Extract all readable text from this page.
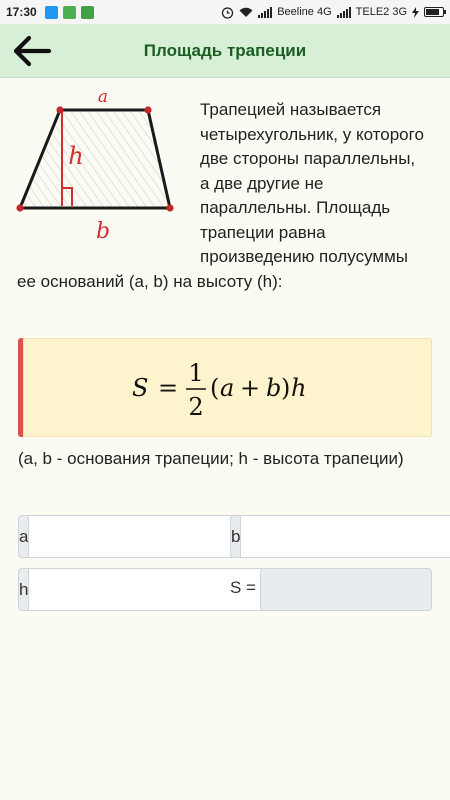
17:30	Beeline 4G TELE2 3G
Площадь трапеции
a
h
b
Трапецией называется четырехугольник, у которого две стороны параллельны, а две другие не параллельны. Площадь трапеции равна произведению полусуммы ее оснований (a, b) на высоту (h):
S =
1
2
( a + b ) h
(a, b - основания трапеции; h - высота трапеции)
a	b
h	S =
